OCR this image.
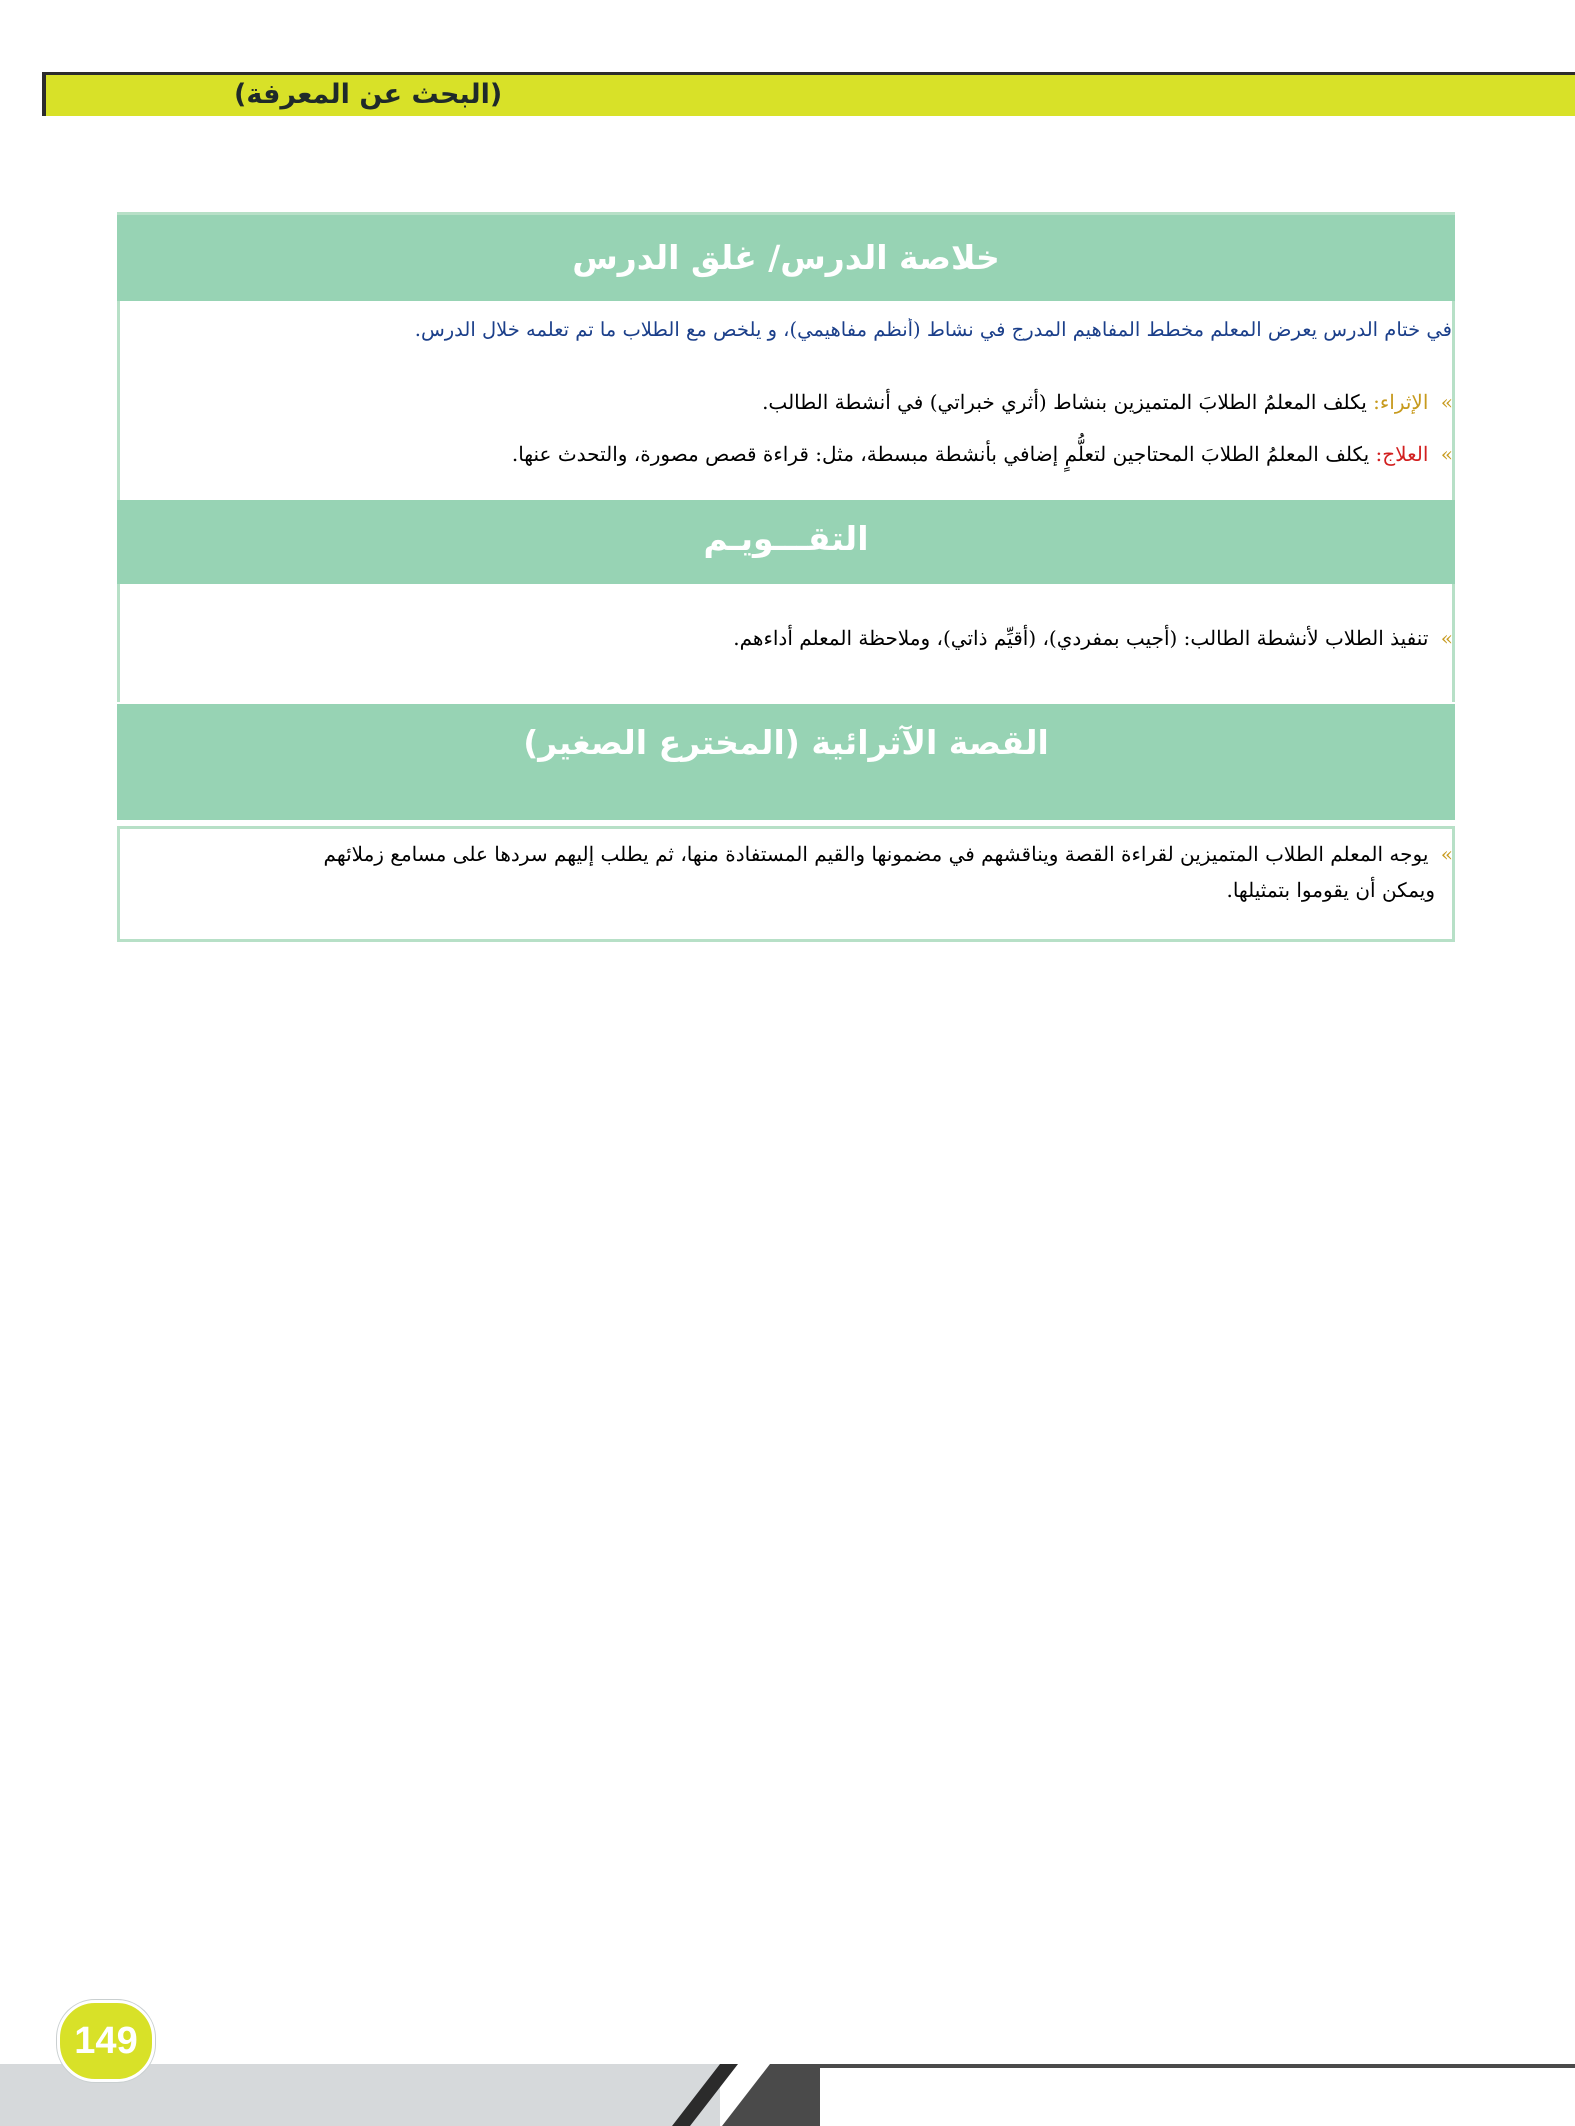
(البحث عن المعرفة)
خلاصة الدرس/ غلق الدرس
في ختام الدرس يعرض المعلم مخطط المفاهيم المدرج في نشاط (أنظم مفاهيمي)، و يلخص مع الطلاب ما تم تعلمه خلال الدرس.
» الإثراء: يكلف المعلمُ الطلابَ المتميزين بنشاط (أثري خبراتي) في أنشطة الطالب.
» العلاج: يكلف المعلمُ الطلابَ المحتاجين لتعلُّمٍ إضافي بأنشطة مبسطة، مثل: قراءة قصص مصورة، والتحدث عنها.
التقـــويـم
» تنفيذ الطلاب لأنشطة الطالب: (أجيب بمفردي)، (أقيِّم ذاتي)، وملاحظة المعلم أداءهم.
القصة الآثرائية (المخترع الصغير)
» يوجه المعلم الطلاب المتميزين لقراءة القصة ويناقشهم في مضمونها والقيم المستفادة منها، ثم يطلب إليهم سردها على مسامع زملائهم
ويمكن أن يقوموا بتمثيلها.
149
